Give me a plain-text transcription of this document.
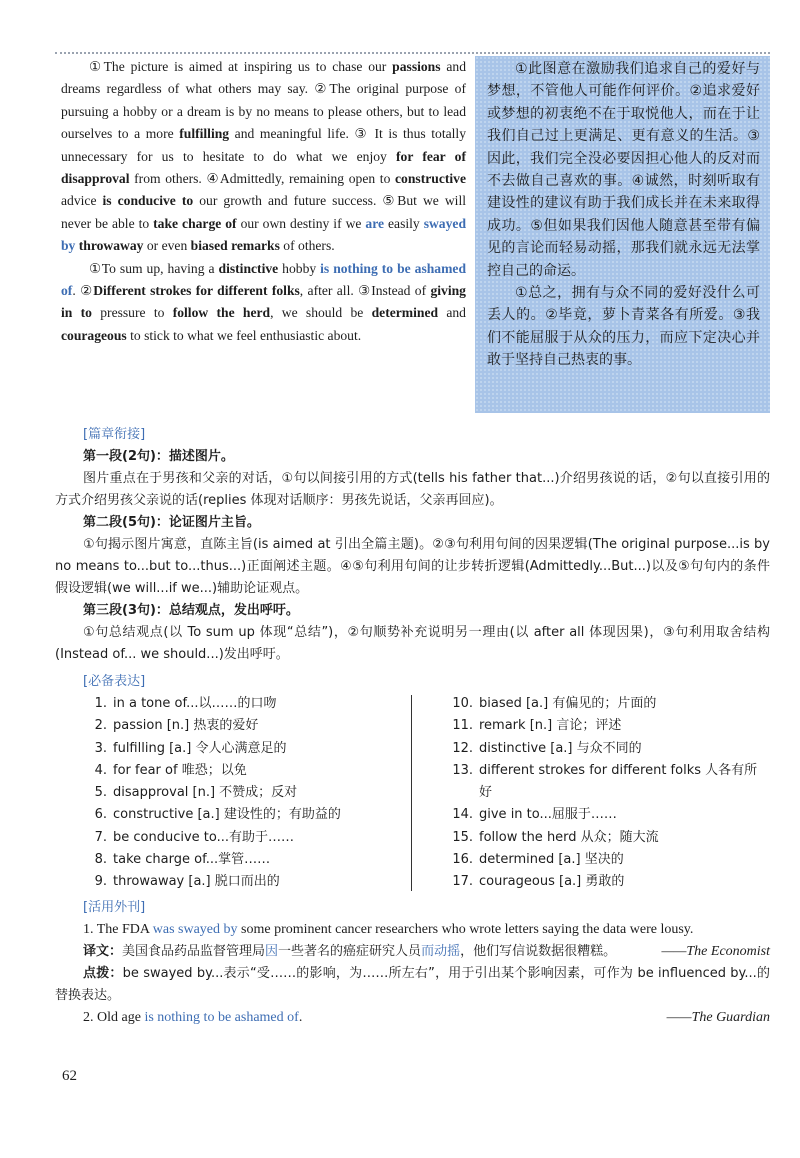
①The picture is aimed at inspiring us to chase our passions and dreams regardless of what others may say. ②The original purpose of pursuing a hobby or a dream is by no means to please others, but to lead ourselves to a more fulfilling and meaningful life. ③ It is thus totally unnecessary for us to hesitate to do what we enjoy for fear of disapproval from others. ④Admittedly, remaining open to constructive advice is conducive to our growth and future success. ⑤But we will never be able to take charge of our own destiny if we are easily swayed by throwaway or even biased remarks of others.

①To sum up, having a distinctive hobby is nothing to be ashamed of. ②Different strokes for different folks, after all. ③Instead of giving in to pressure to follow the herd, we should be determined and courageous to stick to what we feel enthusiastic about.

①此图意在激励我们追求自己的爱好与梦想，不管他人可能作何评价。②追求爱好或梦想的初衷绝不在于取悦他人，而在于让我们自己过上更满足、更有意义的生活。③因此，我们完全没必要因担心他人的反对而不去做自己喜欢的事。④诚然，时刻听取有建设性的建议有助于我们成长并在未来取得成功。⑤但如果我们因他人随意甚至带有偏见的言论而轻易动摇，那我们就永远无法掌控自己的命运。

①总之，拥有与众不同的爱好没什么可丢人的。②毕竟，萝卜青菜各有所爱。③我们不能屈服于从众的压力，而应下定决心并敢于坚持自己热衷的事。

[篇章衔接]

第一段(2句)：描述图片。

图片重点在于男孩和父亲的对话，①句以间接引用的方式(tells his father that...)介绍男孩说的话，②句以直接引用的方式介绍男孩父亲说的话(replies 体现对话顺序：男孩先说话，父亲再回应)。

第二段(5句)：论证图片主旨。

①句揭示图片寓意，直陈主旨(is aimed at 引出全篇主题)。②③句利用句间的因果逻辑(The original purpose...is by no means to...but to...thus...)正面阐述主题。④⑤句利用句间的让步转折逻辑(Admittedly...But...)以及⑤句句内的条件假设逻辑(we will...if we...)辅助论证观点。

第三段(3句)：总结观点，发出呼吁。

①句总结观点(以 To sum up 体现“总结”)，②句顺势补充说明另一理由(以 after all 体现因果)，③句利用取舍结构(Instead of... we should...)发出呼吁。

[必备表达]
1. in a tone of...以……的口吻
2. passion [n.] 热衷的爱好
3. fulfilling [a.] 令人心满意足的
4. for fear of 唯恐；以免
5. disapproval [n.] 不赞成；反对
6. constructive [a.] 建设性的；有助益的
7. be conducive to...有助于……
8. take charge of...掌管……
9. throwaway [a.] 脱口而出的
10. biased [a.] 有偏见的；片面的
11. remark [n.] 言论；评述
12. distinctive [a.] 与众不同的
13. different strokes for different folks 人各有所好
14. give in to...屈服于……
15. follow the herd 从众；随大流
16. determined [a.] 坚决的
17. courageous [a.] 勇敢的
[活用外刊]

1. The FDA was swayed by some prominent cancer researchers who wrote letters saying the data were lousy.
——The Economist

译文：美国食品药品监督管理局因一些著名的癌症研究人员而动摇，他们写信说数据很糟糕。

点拨：be swayed by...表示“受……的影响，为……所左右”，用于引出某个影响因素，可作为 be influenced by...的替换表达。

2. Old age is nothing to be ashamed of.	——The Guardian

62
